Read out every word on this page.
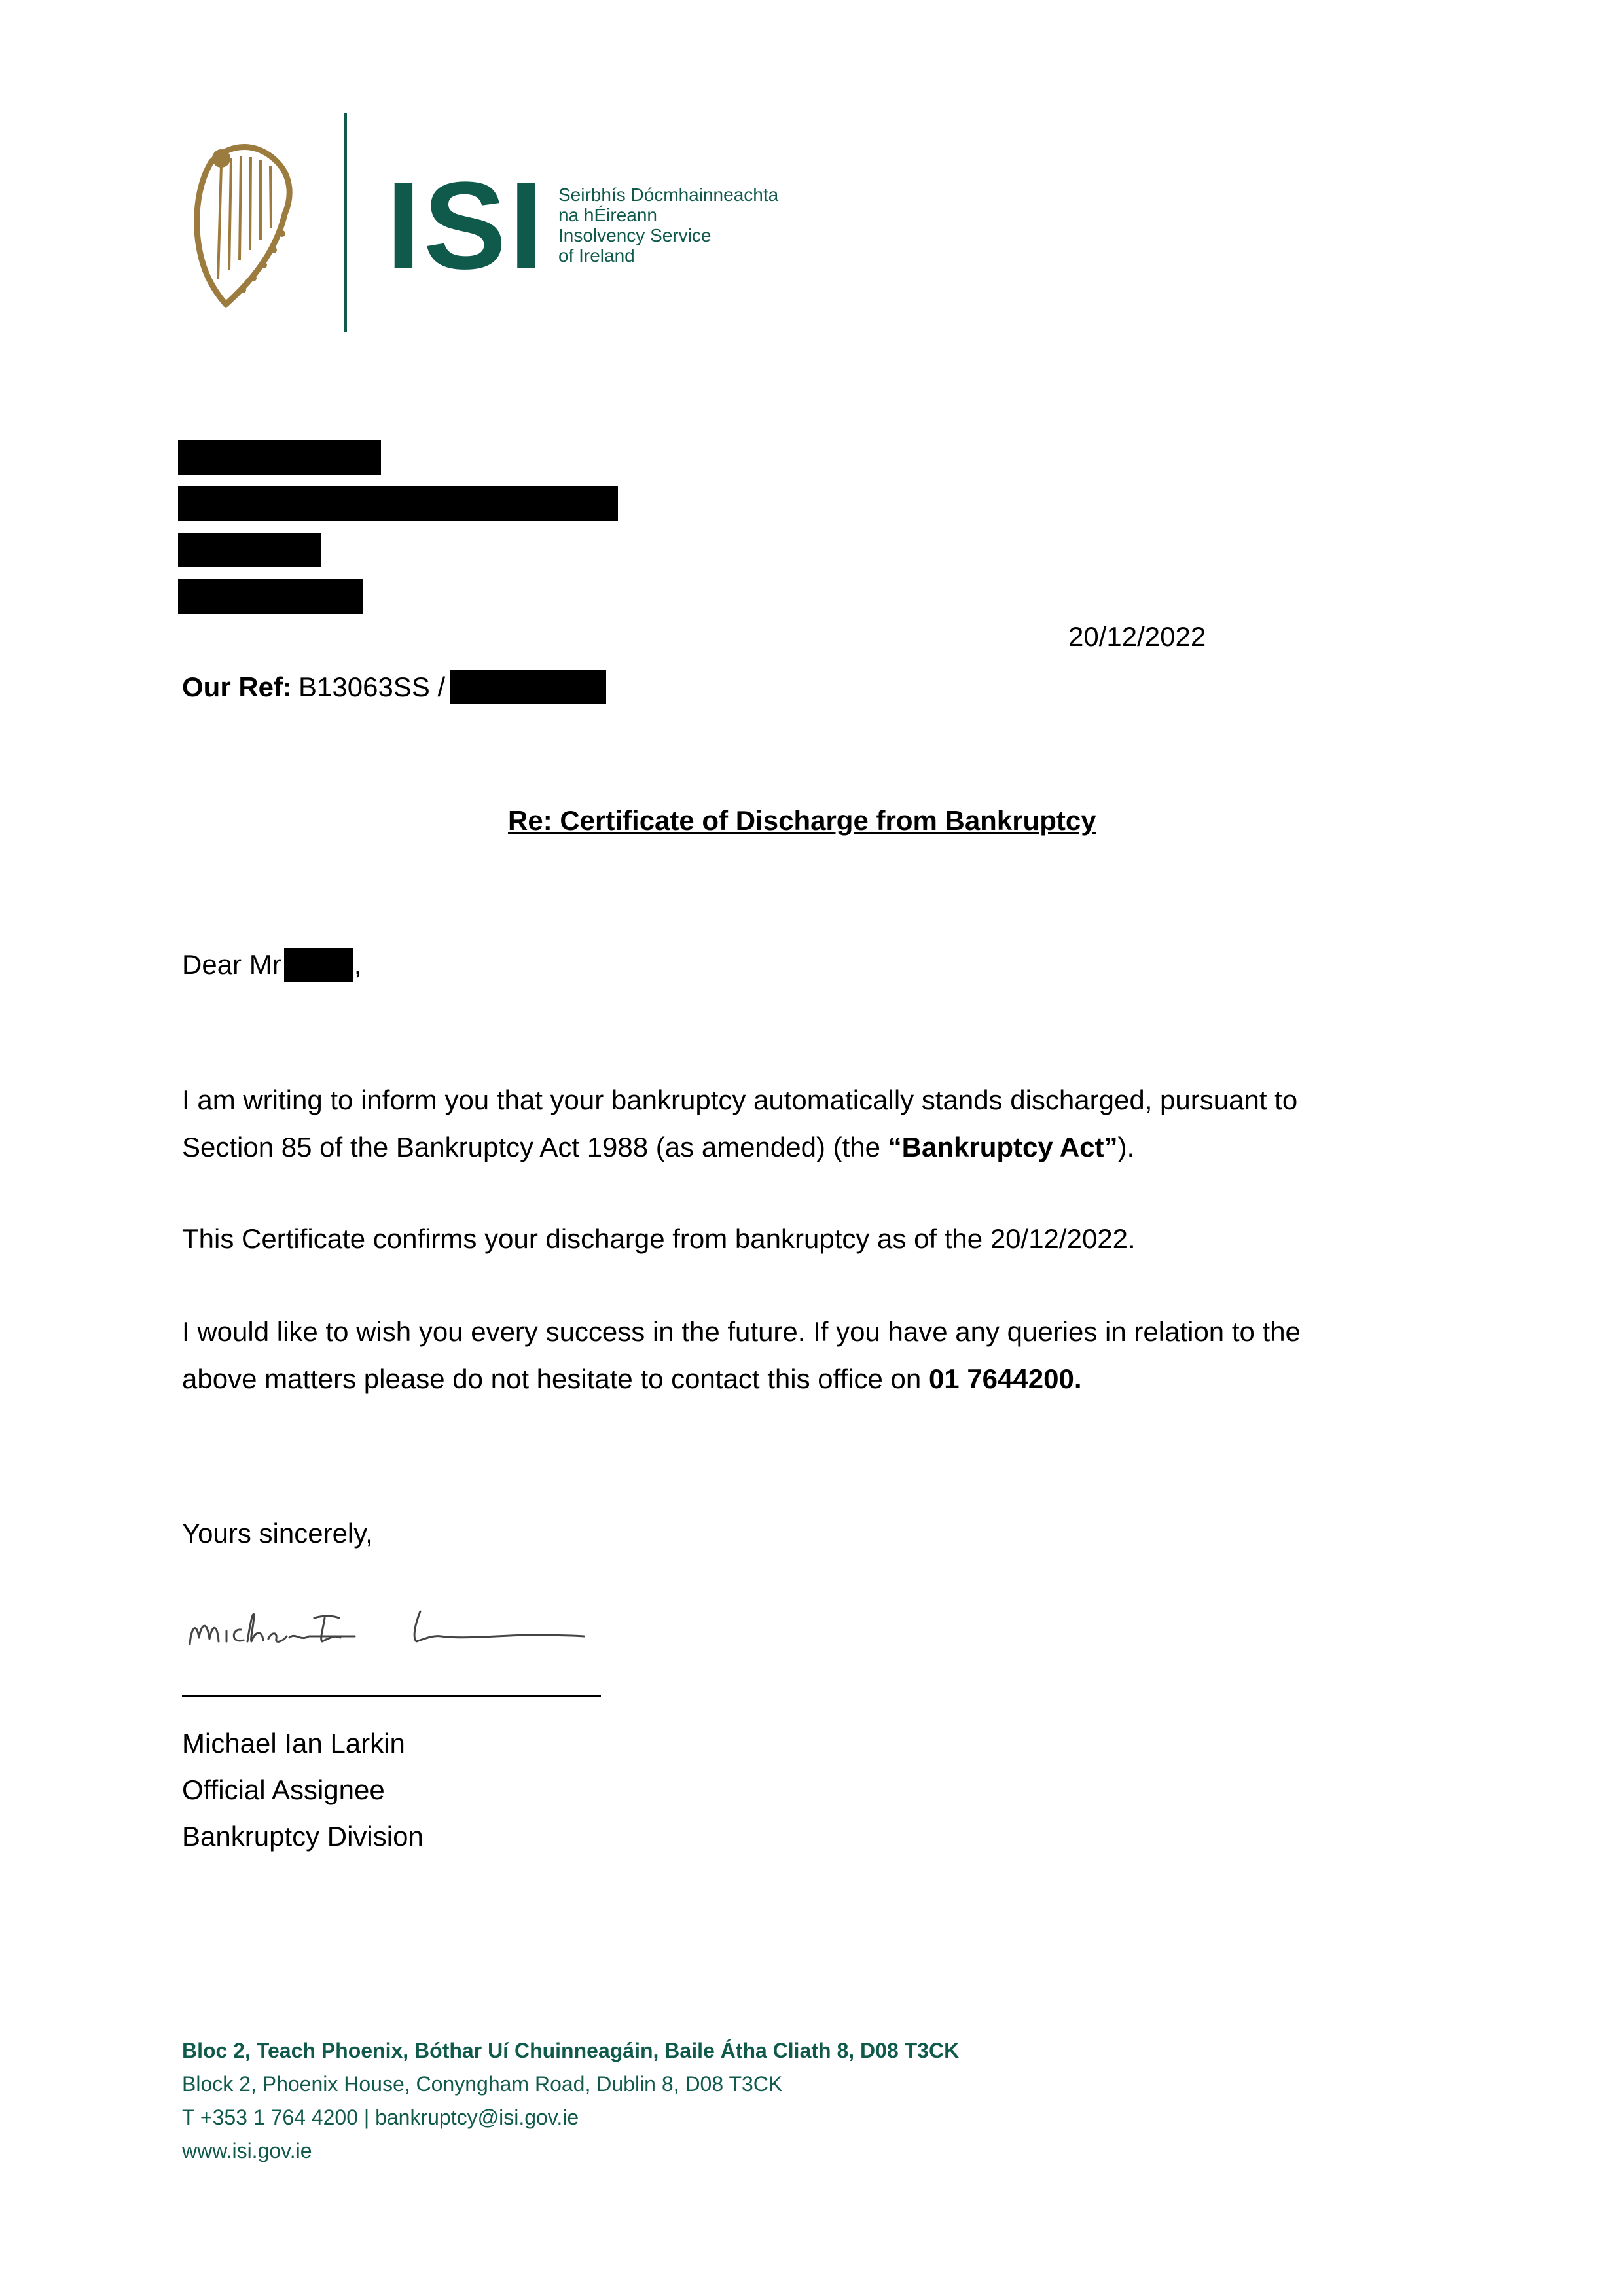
ISI Seirbhís Dócmhainneachta
na hÉireann
Insolvency Service
of Ireland
20/12/2022
Our Ref: B13063SS /
Re: Certificate of Discharge from Bankruptcy
Dear Mr	,
I am writing to inform you that your bankruptcy automatically stands discharged, pursuant to
Section 85 of the Bankruptcy Act 1988 (as amended) (the “Bankruptcy Act”).
This Certificate confirms your discharge from bankruptcy as of the 20/12/2022.
I would like to wish you every success in the future. If you have any queries in relation to the
above matters please do not hesitate to contact this office on 01 7644200.
Yours sincerely,
Michael Ian Larkin
Official Assignee
Bankruptcy Division
Bloc 2, Teach Phoenix, Bóthar Uí Chuinneagáin, Baile Átha Cliath 8, D08 T3CK
Block 2, Phoenix House, Conyngham Road, Dublin 8, D08 T3CK
T +353 1 764 4200 | bankruptcy@isi.gov.ie
www.isi.gov.ie
